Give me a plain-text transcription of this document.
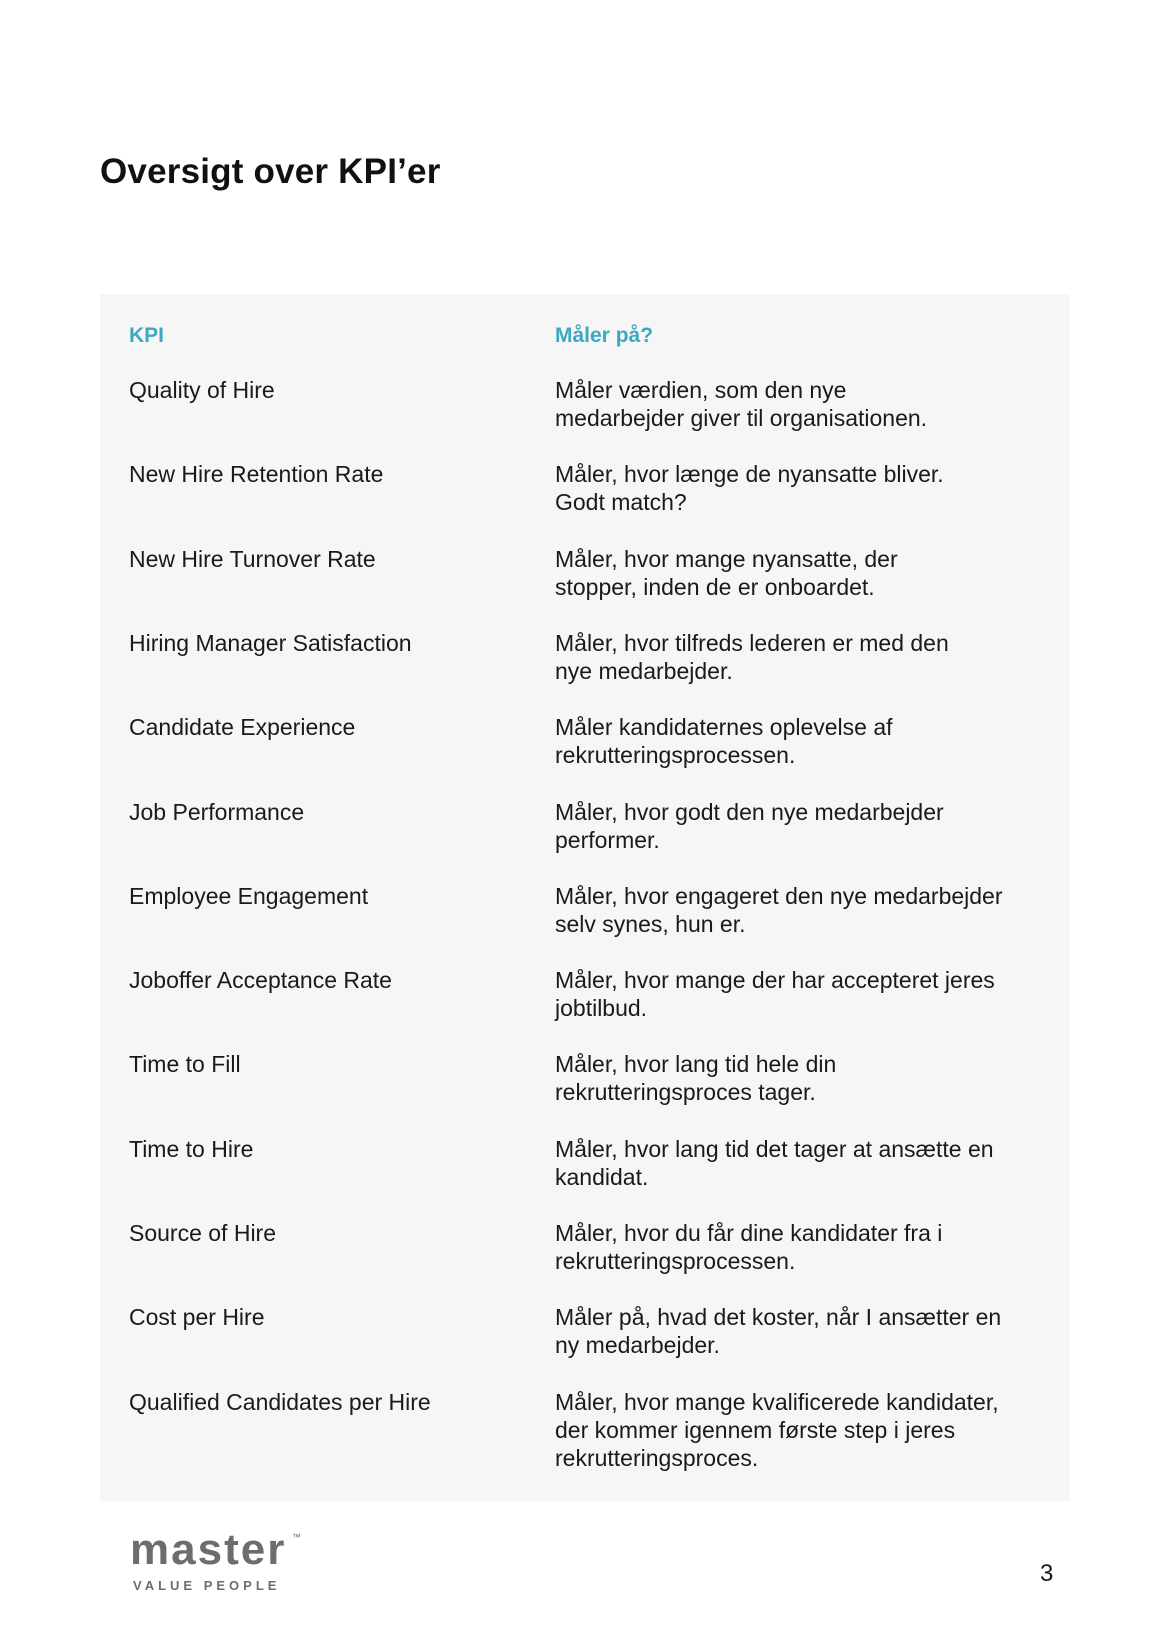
Oversigt over KPI’er
KPI	Måler på?
Quality of Hire	Måler værdien, som den nye
medarbejder giver til organisationen.
New Hire Retention Rate	Måler, hvor længe de nyansatte bliver.
Godt match?
New Hire Turnover Rate	Måler, hvor mange nyansatte, der
stopper, inden de er onboardet.
Hiring Manager Satisfaction	Måler, hvor tilfreds lederen er med den
nye medarbejder.
Candidate Experience	Måler kandidaternes oplevelse af
rekrutteringsprocessen.
Job Performance	Måler, hvor godt den nye medarbejder
performer.
Employee Engagement	Måler, hvor engageret den nye medarbejder
selv synes, hun er.
Joboffer Acceptance Rate	Måler, hvor mange der har accepteret jeres
jobtilbud.
Time to Fill	Måler, hvor lang tid hele din
rekrutteringsproces tager.
Time to Hire	Måler, hvor lang tid det tager at ansætte en
kandidat.
Source of Hire	Måler, hvor du får dine kandidater fra i
rekrutteringsprocessen.
Cost per Hire	Måler på, hvad det koster, når I ansætter en
ny medarbejder.
Qualified Candidates per Hire	Måler, hvor mange kvalificerede kandidater,
der kommer igennem første step i jeres
rekrutteringsproces.
master ™
VALUE PEOPLE	3
